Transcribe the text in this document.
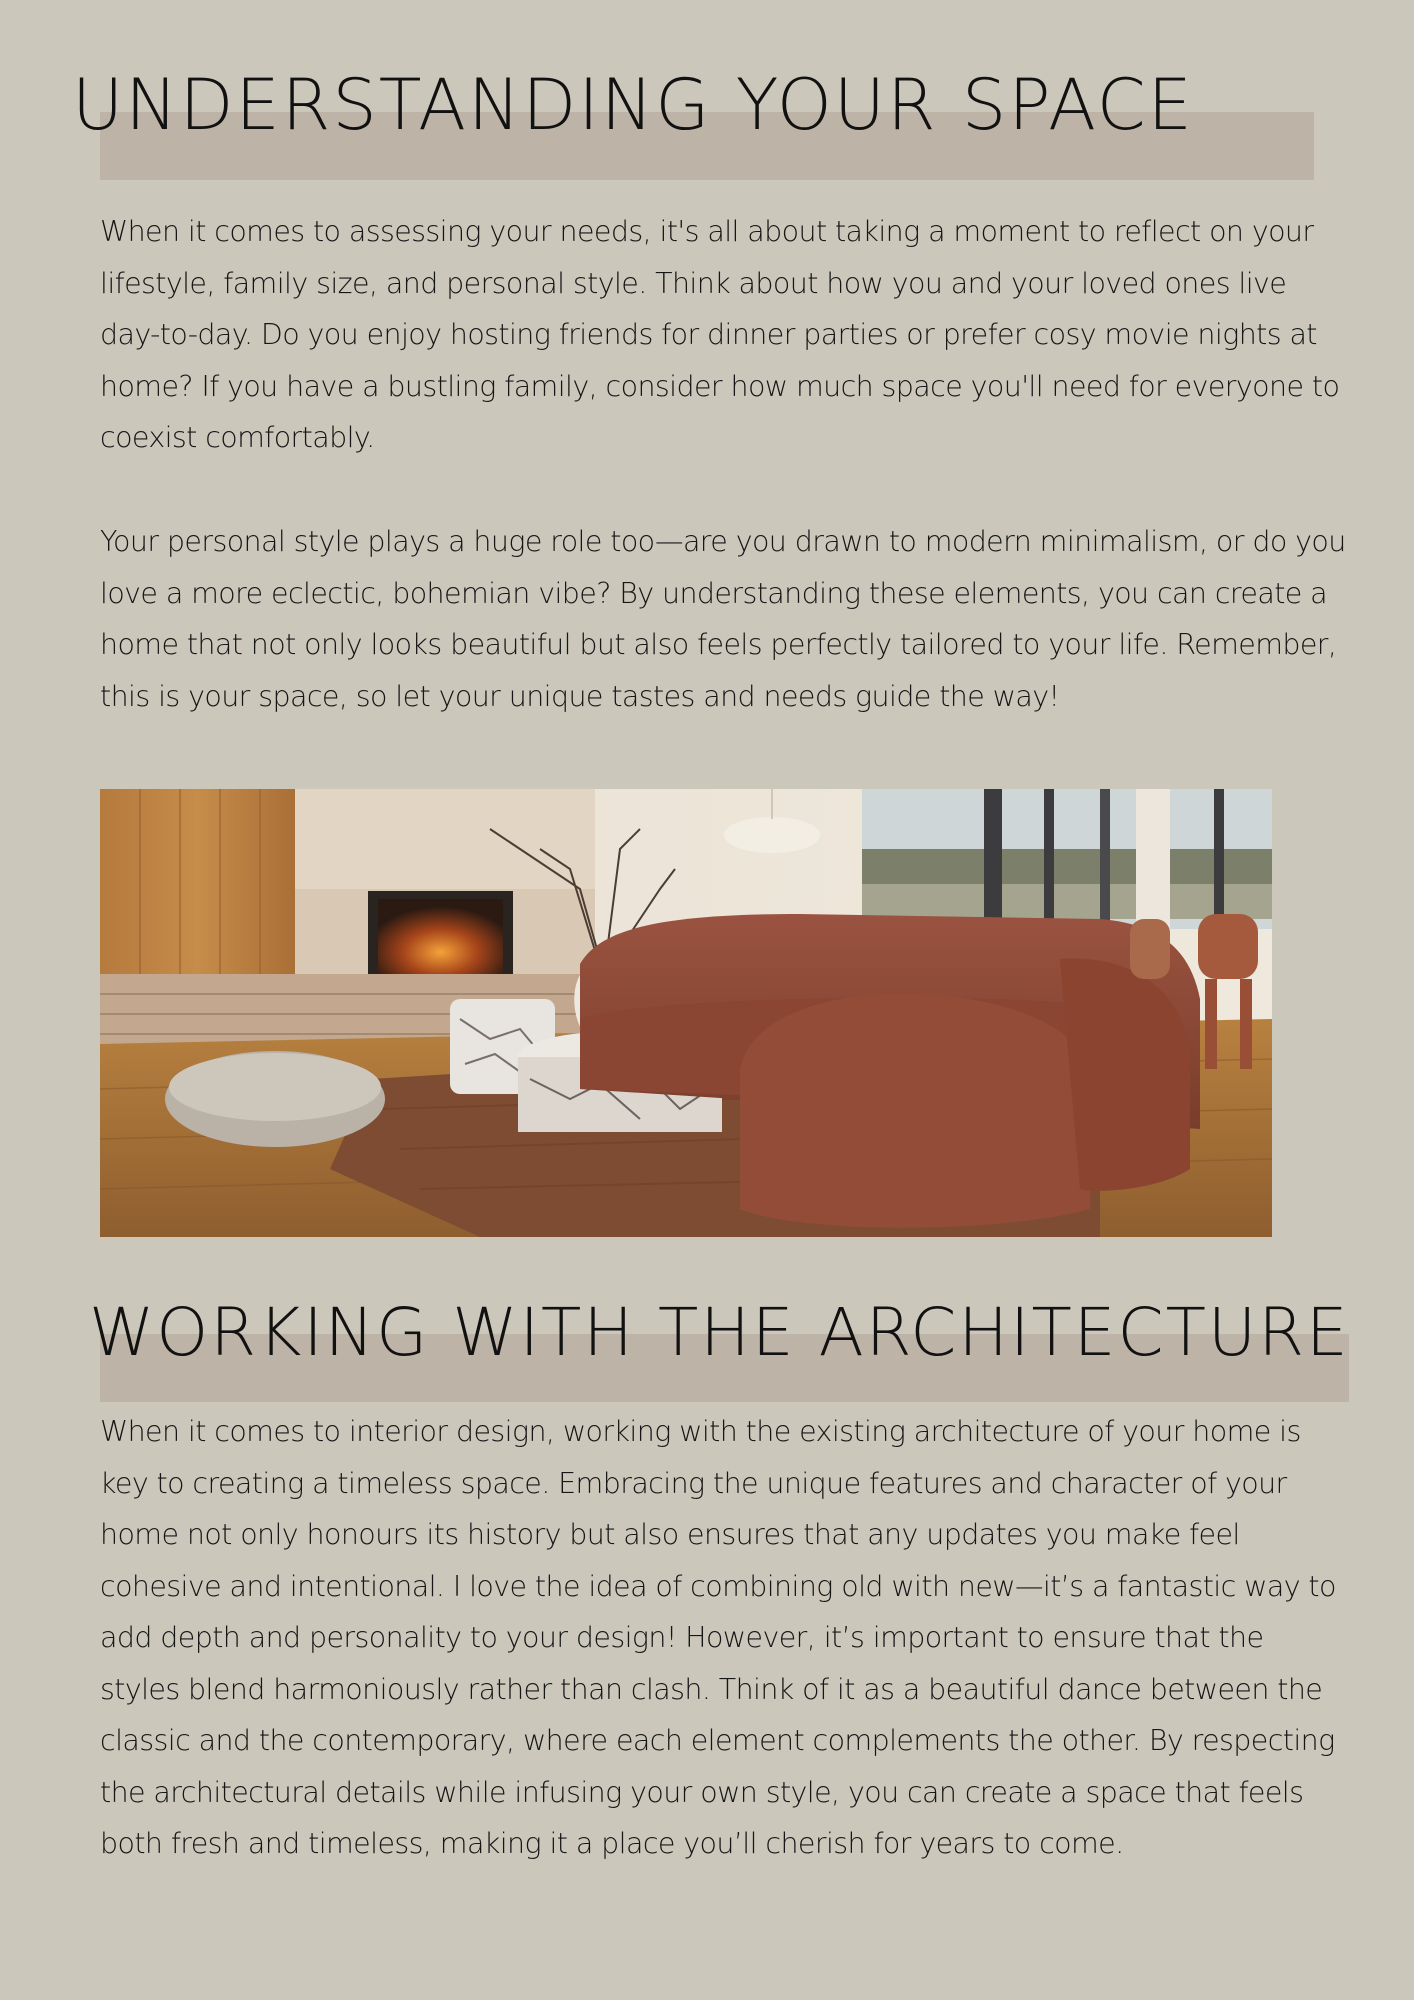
UNDERSTANDING YOUR SPACE

When it comes to assessing your needs, it's all about taking a moment to reflect on your lifestyle, family size, and personal style. Think about how you and your loved ones live day-to-day. Do you enjoy hosting friends for dinner parties or prefer cosy movie nights at home? If you have a bustling family, consider how much space you'll need for everyone to coexist comfortably.

Your personal style plays a huge role too—are you drawn to modern minimalism, or do you love a more eclectic, bohemian vibe? By understanding these elements, you can create a home that not only looks beautiful but also feels perfectly tailored to your life. Remember, this is your space, so let your unique tastes and needs guide the way!

WORKING WITH THE ARCHITECTURE

When it comes to interior design, working with the existing architecture of your home is key to creating a timeless space. Embracing the unique features and character of your home not only honours its history but also ensures that any updates you make feel cohesive and intentional. I love the idea of combining old with new—it’s a fantastic way to add depth and personality to your design! However, it’s important to ensure that the styles blend harmoniously rather than clash. Think of it as a beautiful dance between the classic and the contemporary, where each element complements the other. By respecting the architectural details while infusing your own style, you can create a space that feels both fresh and timeless, making it a place you’ll cherish for years to come.
